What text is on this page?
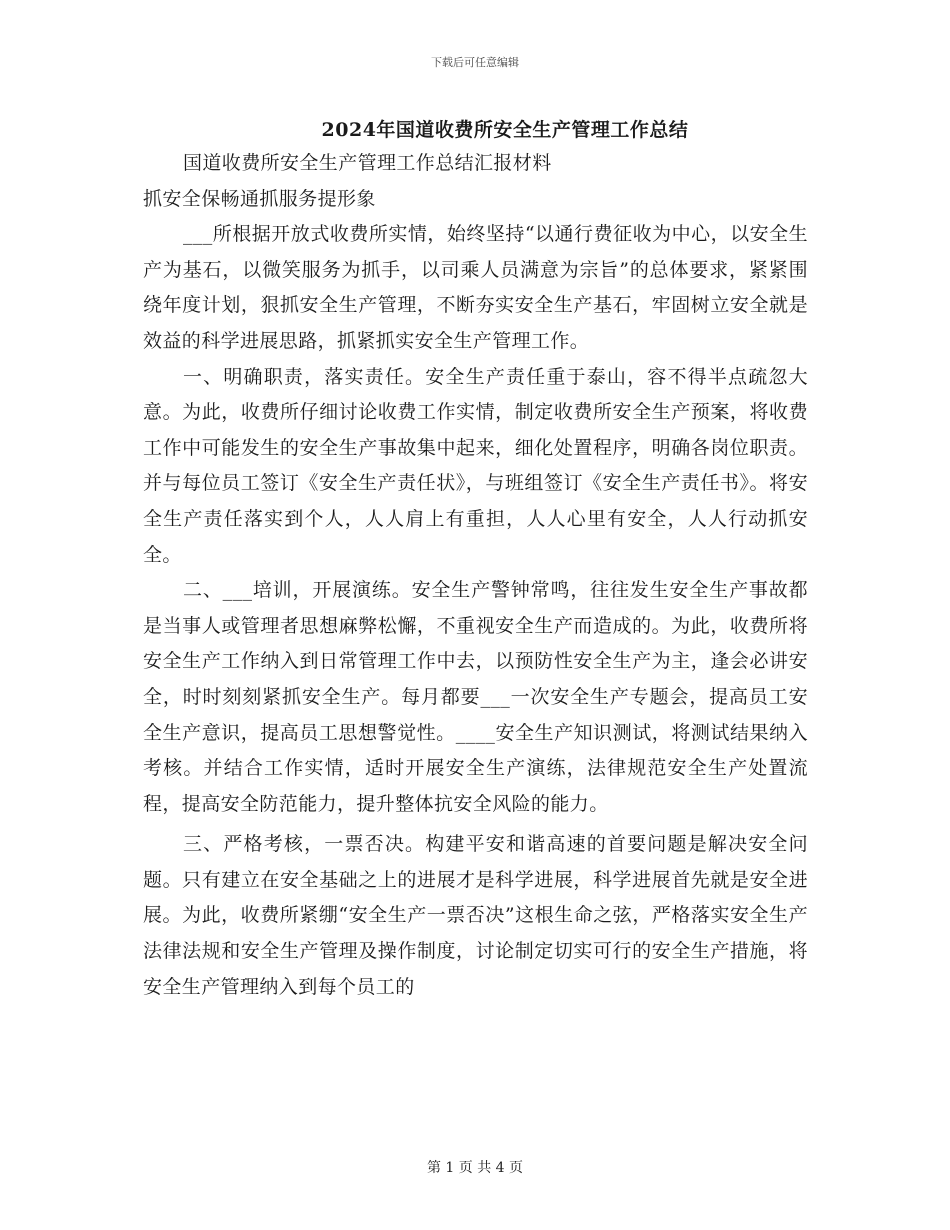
下载后可任意编辑
2024年国道收费所安全生产管理工作总结

国道收费所安全生产管理工作总结汇报材料

抓安全保畅通抓服务提形象

___所根据开放式收费所实情，始终坚持“以通行费征收为中心，以安全生产为基石，以微笑服务为抓手，以司乘人员满意为宗旨”的总体要求，紧紧围绕年度计划，狠抓安全生产管理，不断夯实安全生产基石，牢固树立安全就是效益的科学进展思路，抓紧抓实安全生产管理工作。

一、明确职责，落实责任。安全生产责任重于泰山，容不得半点疏忽大意。为此，收费所仔细讨论收费工作实情，制定收费所安全生产预案，将收费工作中可能发生的安全生产事故集中起来，细化处置程序，明确各岗位职责。并与每位员工签订《安全生产责任状》，与班组签订《安全生产责任书》。将安全生产责任落实到个人，人人肩上有重担，人人心里有安全，人人行动抓安全。

二、___培训，开展演练。安全生产警钟常鸣，往往发生安全生产事故都是当事人或管理者思想麻弊松懈，不重视安全生产而造成的。为此，收费所将安全生产工作纳入到日常管理工作中去，以预防性安全生产为主，逢会必讲安全，时时刻刻紧抓安全生产。每月都要___一次安全生产专题会，提高员工安全生产意识，提高员工思想警觉性。____安全生产知识测试，将测试结果纳入考核。并结合工作实情，适时开展安全生产演练，法律规范安全生产处置流程，提高安全防范能力，提升整体抗安全风险的能力。

三、严格考核，一票否决。构建平安和谐高速的首要问题是解决安全问题。只有建立在安全基础之上的进展才是科学进展，科学进展首先就是安全进展。为此，收费所紧绷“安全生产一票否决”这根生命之弦，严格落实安全生产法律法规和安全生产管理及操作制度，讨论制定切实可行的安全生产措施，将安全生产管理纳入到每个员工的

第 1 页 共 4 页
